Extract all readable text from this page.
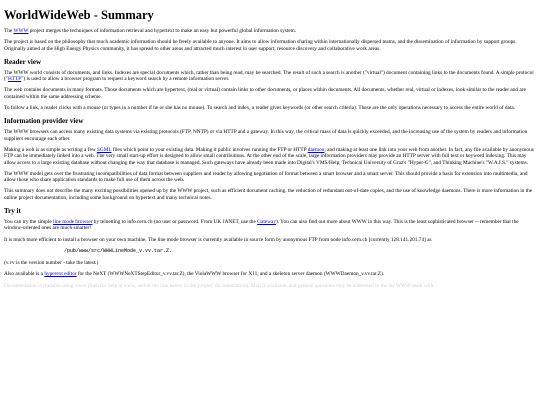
WorldWideWeb - Summary

The WWW project merges the techniques of information retrieval and hypertext to make an easy but powerful global information system.

The project is based on the philosophy that much academic information should be freely available to anyone. It aims to allow information sharing within internationally dispersed teams, and the dissemination of information by support groups. Originally aimed at the High Energy Physics community, it has spread to other areas and attracted much interest in user support, resource discovery and collaborative work areas.

Reader view

The WWW world consists of documents, and links. Indexes are special documents which, rather than being read, may be searched. The result of such a search is another ("virtual") document containing links to the documents found. A simple protocol ("HTTP") is used to allow a browser program to request a keyword search by a remote information server.

The web contains documents in many formats. Those documents which are hypertext, (real or virtual) contain links to other documents, or places within documents. All documents, whether real, virtual or indexes, look similar to the reader and are contained within the same addressing scheme.

To follow a link, a reader clicks with a mouse (or types in a number if he or she has no mouse). To search and index, a reader gives keywords (or other search criteria). These are the only operations necessary to access the entire world of data.

Information provider view

The WWW browsers can access many existing data systems via existing protocols (FTP, NNTP) or via HTTP and a gateway. In this way, the critical mass of data is quickly exceeded, and the increasing use of the system by readers and information suppliers encourage each other.

Making a web is as simple as writing a few SGML files which point to your existing data. Making it public involves running the FTP or HTTP daemon, and making at least one link into your web from another. In fact, any file available by anonymous FTP can be immediately linked into a web. The very small start-up effort is designed to allow small contributions. At the other end of the scale, large information providers may provide an HTTP server with full text or keyword indexing. This may allow access to a large existing database without changing the way that database is managed. Such gateways have already been made into Digital's VMS/Help, Technical University of Graz's "Hyper-G", and Thinking Machine's "W.A.I.S." systems.

The WWW model gets over the frustrating incompatibilities of data format between suppliers and reader by allowing negotiation of format between a smart browser and a smart server. This should provide a basis for extension into multimedia, and allow those who share application standards to make full use of them across the web.

This summary does not describe the many exciting possibilities opened up by the WWW project, such as efficient document caching. the reduction of redundant out-of-date copies, and the use of knowledge daemons. There is more information in the online project documentation, including some background on hypertext and many technical notes.

Try it

You can try the simple line mode browser by telnetting to info.cern.ch (no user or password. From UK JANET, use the Gateway). You can also find out more about WWW in this way. This is the least sophisticated browser -- remember that the window-oriented ones are much smarter!

It is much more efficient to install a browser on your own machine. The line mode browser is currently available in source form by anonymous FTP from node info.cern.ch [currently 128.141.201.74] as

/pub/www/src/WWWLineMode_v.vv.tar.Z.

(v.vv is the version number - take the latest.)

Also available is a hyperext editor for the NeXT (WWWNeXTStepEditor_v.vv.tar.Z), the ViolaWWW browser for X11, and a skeleton server daemon (WWWDaemon_v.vv.tar.Z).

Documentation is readable using www (Sieh the help at www, and/or the link below in the 'project' documentation). Mail is available, and general questions may be addressed to the the WWW team with
